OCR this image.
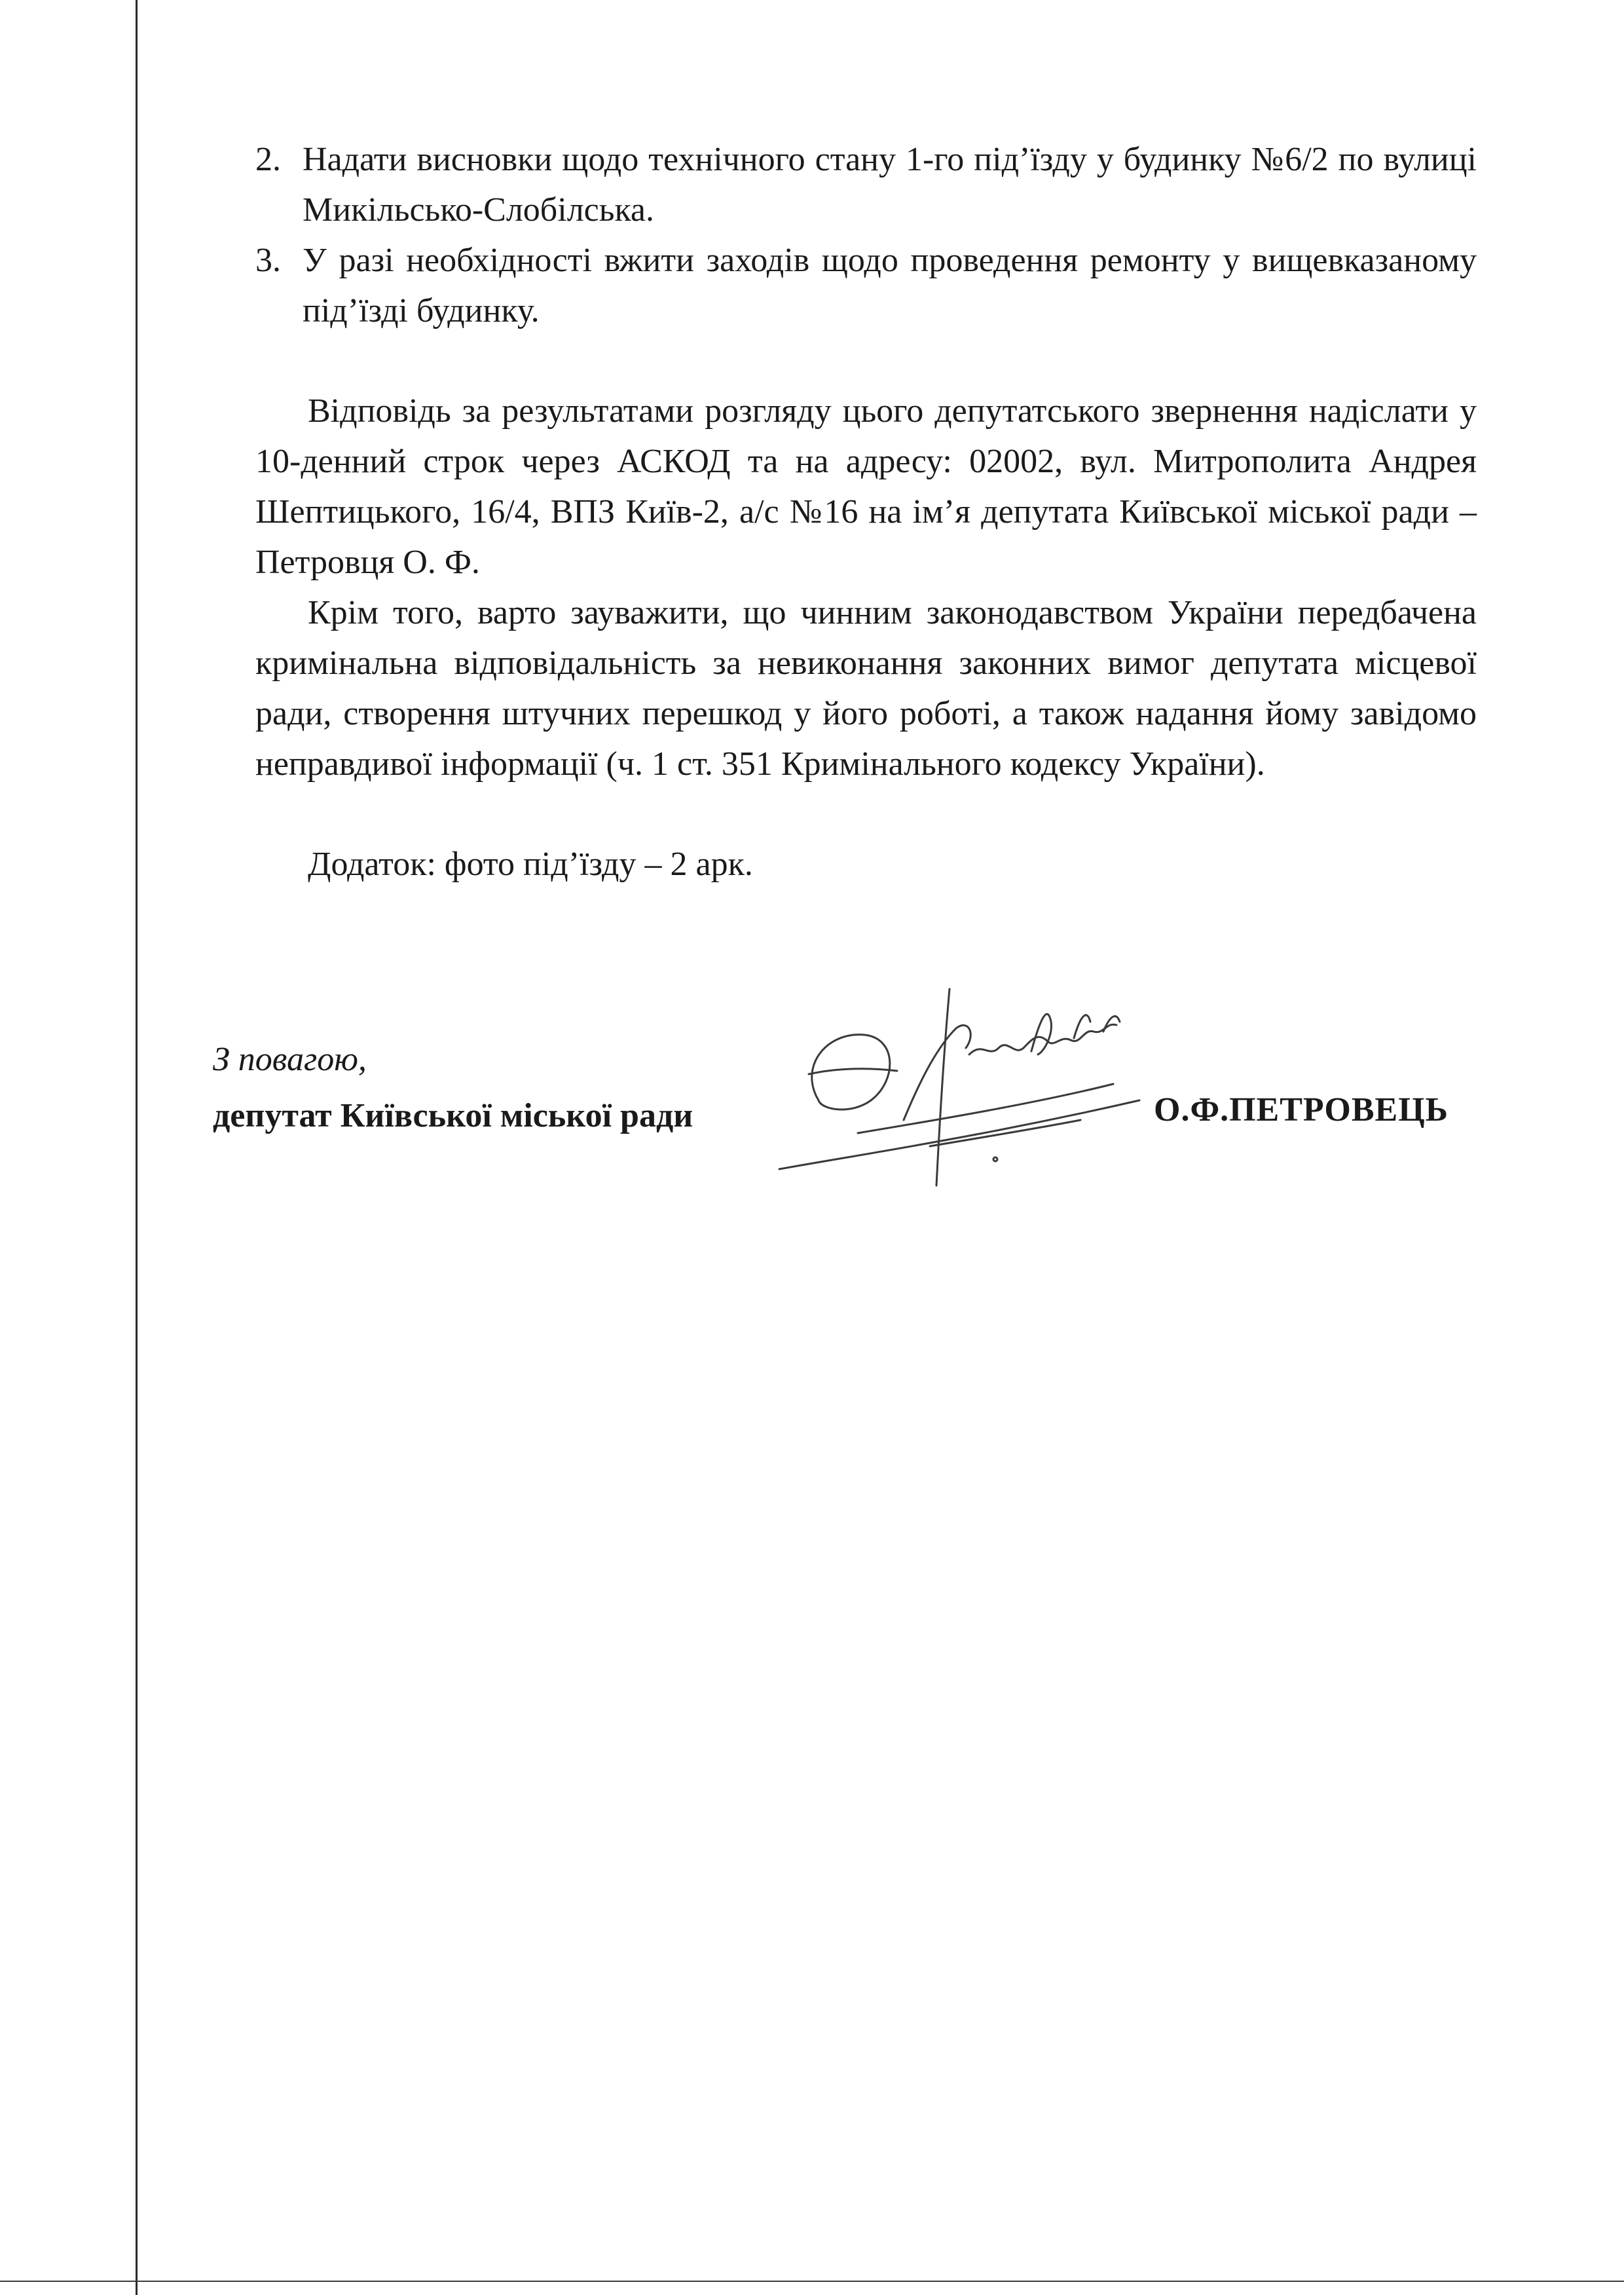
2. Надати висновки щодо технічного стану 1-го під’їзду у будинку №6/2 по вулиці Микільсько-Слобілська.
3. У разі необхідності вжити заходів щодо проведення ремонту у вищевказаному під’їзді будинку.

Відповідь за результатами розгляду цього депутатського звернення надіслати у 10-денний строк через АСКОД та на адресу: 02002, вул. Митрополита Андрея Шептицького, 16/4, ВПЗ Київ-2, а/с №16 на ім’я депутата Київської міської ради – Петровця О. Ф.

Крім того, варто зауважити, що чинним законодавством України передбачена кримінальна відповідальність за невиконання законних вимог депутата місцевої ради, створення штучних перешкод у його роботі, а також надання йому завідомо неправдивої інформації (ч. 1 ст. 351 Кримінального кодексу України).

Додаток: фото під’їзду – 2 арк.

З повагою,
депутат Київської міської ради	О.Ф.ПЕТРОВЕЦЬ
